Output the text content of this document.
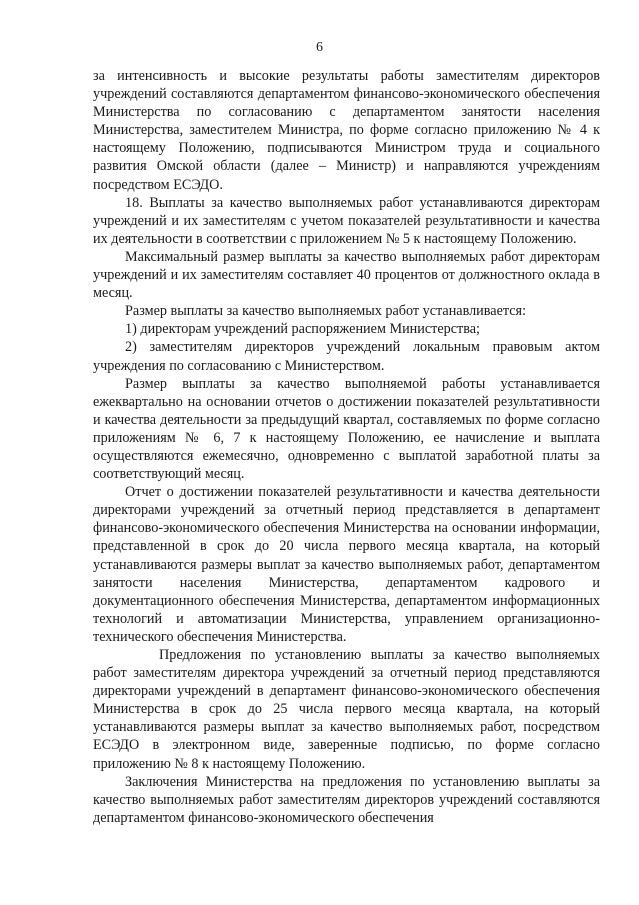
6

за интенсивность и высокие результаты работы заместителям директоров учреждений составляются департаментом финансово-экономического обеспечения Министерства по согласованию с департаментом занятости населения Министерства, заместителем Министра, по форме согласно приложению № 4 к настоящему Положению, подписываются Министром труда и социального развития Омской области (далее – Министр) и направляются учреждениям посредством ЕСЭДО.

18. Выплаты за качество выполняемых работ устанавливаются директорам учреждений и их заместителям с учетом показателей результативности и качества их деятельности в соответствии с приложением № 5 к настоящему Положению.

Максимальный размер выплаты за качество выполняемых работ директорам учреждений и их заместителям составляет 40 процентов от должностного оклада в месяц.

Размер выплаты за качество выполняемых работ устанавливается:

1) директорам учреждений распоряжением Министерства;

2) заместителям директоров учреждений локальным правовым актом учреждения по согласованию с Министерством.

Размер выплаты за качество выполняемой работы устанавливается ежеквартально на основании отчетов о достижении показателей результативности и качества деятельности за предыдущий квартал, составляемых по форме согласно приложениям № 6, 7 к настоящему Положению, ее начисление и выплата осуществляются ежемесячно, одновременно с выплатой заработной платы за соответствующий месяц.

Отчет о достижении показателей результативности и качества деятельности директорами учреждений за отчетный период представляется в департамент финансово-экономического обеспечения Министерства на основании информации, представленной в срок до 20 числа первого месяца квартала, на который устанавливаются размеры выплат за качество выполняемых работ, департаментом занятости населения Министерства, департаментом кадрового и документационного обеспечения Министерства, департаментом информационных технологий и автоматизации Министерства, управлением организационно-технического обеспечения Министерства.

Предложения по установлению выплаты за качество выполняемых работ заместителям директора учреждений за отчетный период представляются директорами учреждений в департамент финансово-экономического обеспечения Министерства в срок до 25 числа первого месяца квартала, на который устанавливаются размеры выплат за качество выполняемых работ, посредством ЕСЭДО в электронном виде, заверенные подписью, по форме согласно приложению № 8 к настоящему Положению.

Заключения Министерства на предложения по установлению выплаты за качество выполняемых работ заместителям директоров учреждений составляются департаментом финансово-экономического обеспечения
